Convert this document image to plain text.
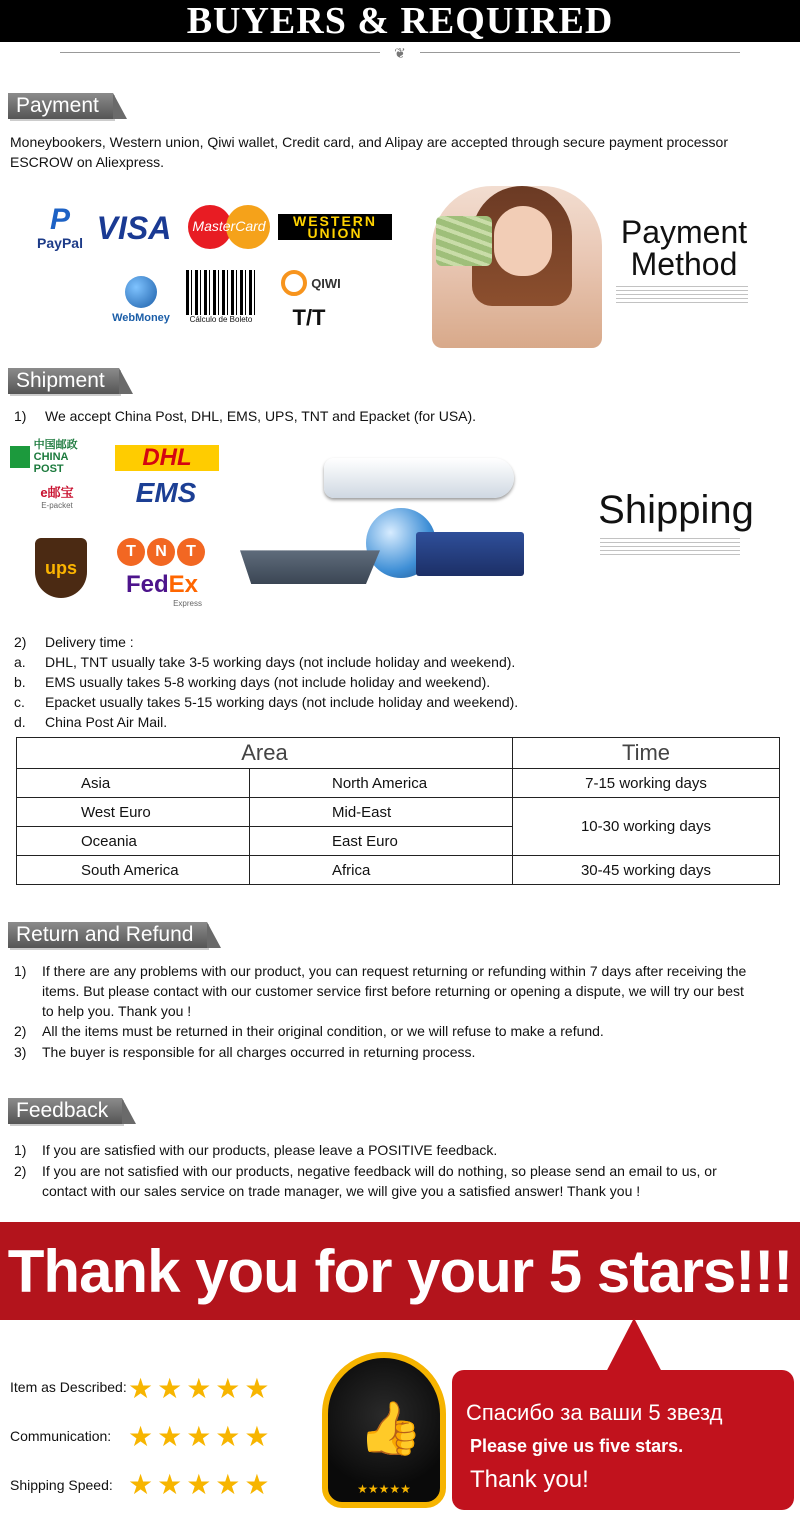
BUYERS & REQUIRED
❦
Payment
Moneybookers, Western union, Qiwi wallet, Credit card, and Alipay are accepted through secure payment processor
ESCROW on Aliexpress.
P
PayPal VISA	MasterCard	WESTERN
UNION
WebMoney Cálculo de Boleto
QIWI
T/T
Payment
Method
Shipment
1) We accept China Post, DHL, EMS, UPS, TNT and Epacket (for USA).
中国邮政
CHINA POST	DHL
e邮宝
E-packet	EMS
ups
T	N	T
FedEx
Express
Shipping
2) Delivery time :
a. DHL, TNT usually take 3-5 working days (not include holiday and weekend).
b. EMS usually takes 5-8 working days (not include holiday and weekend).
c. Epacket usually takes 5-15 working days (not include holiday and weekend).
d. China Post Air Mail.
Area		Time
Asia	North America	7-15 working days
West Euro	Mid-East	10-30 working days
Oceania	East Euro	
South America	Africa	30-45 working days
Return and Refund
1) If there are any problems with our product, you can request returning or refunding within 7 days after receiving the
items. But please contact with our customer service first before returning or opening a dispute, we will try our best
to help you. Thank you !
2) All the items must be returned in their original condition, or we will refuse to make a refund.
3) The buyer is responsible for all charges occurred in returning process.
Feedback
1) If you are satisfied with our products, please leave a POSITIVE feedback.
2) If you are not satisfied with our products, negative feedback will do nothing, so please send an email to us, or
contact with our sales service on trade manager, we will give you a satisfied answer! Thank you !
Thank you for your 5 stars!!!
Item as Described: ★★★★★
Communication: ★★★★★
Shipping Speed: ★★★★★
👍
★★★★★
Спасибо за ваши 5 звезд
Please give us five stars.
Thank you!
